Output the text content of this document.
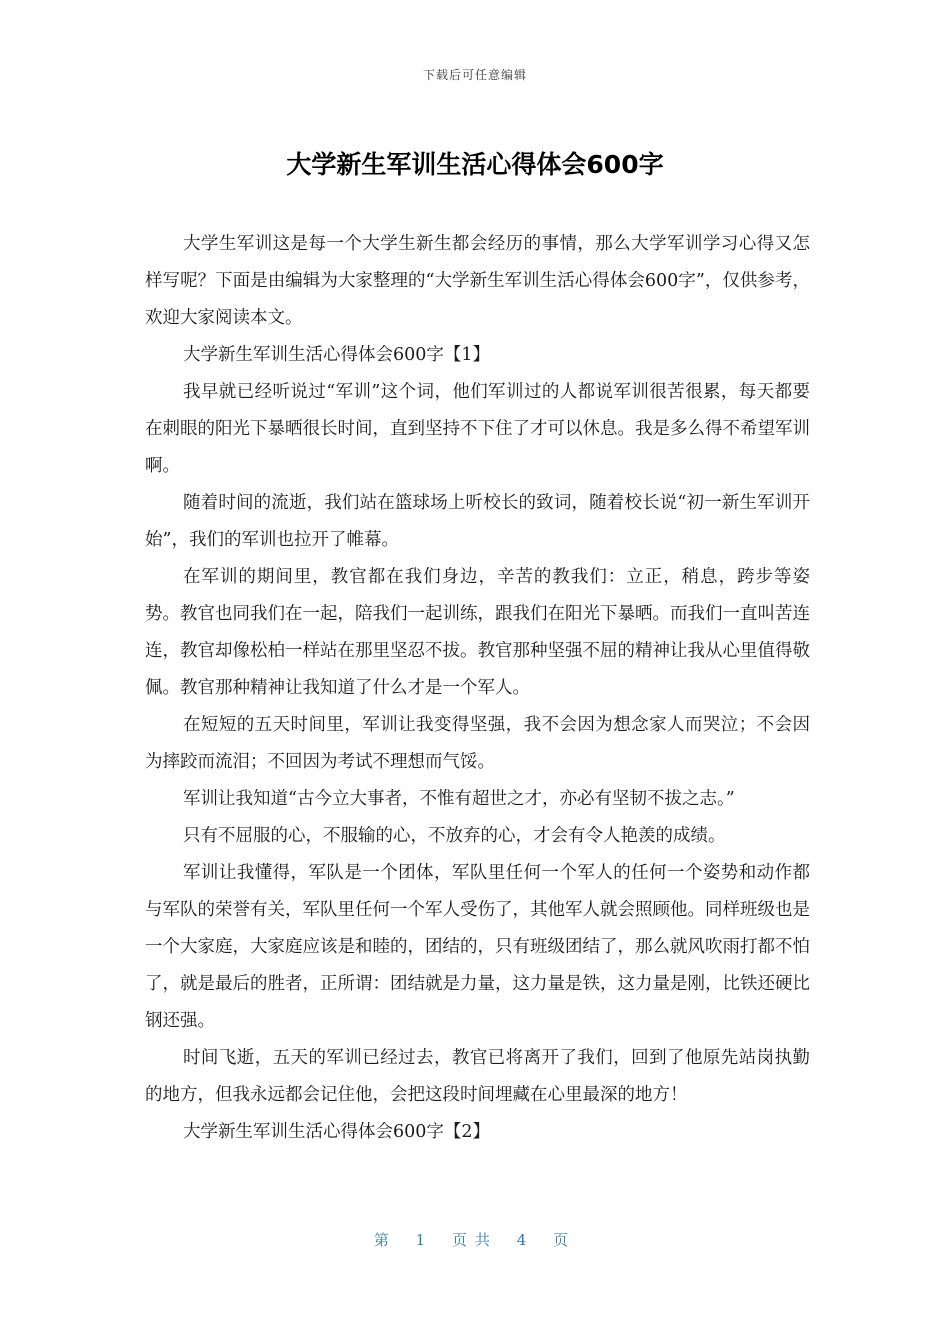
下载后可任意编辑
大学新生军训生活心得体会600字

大学生军训这是每一个大学生新生都会经历的事情，那么大学军训学习心得又怎样写呢？下面是由编辑为大家整理的“大学新生军训生活心得体会600字”，仅供参考，欢迎大家阅读本文。

大学新生军训生活心得体会600字【1】

我早就已经听说过“军训”这个词，他们军训过的人都说军训很苦很累，每天都要在刺眼的阳光下暴晒很长时间，直到坚持不下住了才可以休息。我是多么得不希望军训啊。

随着时间的流逝，我们站在篮球场上听校长的致词，随着校长说“初一新生军训开始”，我们的军训也拉开了帷幕。

在军训的期间里，教官都在我们身边，辛苦的教我们：立正，稍息，跨步等姿势。教官也同我们在一起，陪我们一起训练，跟我们在阳光下暴晒。而我们一直叫苦连连，教官却像松柏一样站在那里坚忍不拔。教官那种坚强不屈的精神让我从心里值得敬佩。教官那种精神让我知道了什么才是一个军人。

在短短的五天时间里，军训让我变得坚强，我不会因为想念家人而哭泣；不会因为摔跤而流泪；不回因为考试不理想而气馁。

军训让我知道“古今立大事者，不惟有超世之才，亦必有坚韧不拔之志。”

只有不屈服的心，不服输的心，不放弃的心，才会有令人艳羡的成绩。

军训让我懂得，军队是一个团体，军队里任何一个军人的任何一个姿势和动作都与军队的荣誉有关，军队里任何一个军人受伤了，其他军人就会照顾他。同样班级也是一个大家庭，大家庭应该是和睦的，团结的，只有班级团结了，那么就风吹雨打都不怕了，就是最后的胜者，正所谓：团结就是力量，这力量是铁，这力量是刚，比铁还硬比钢还强。

时间飞逝，五天的军训已经过去，教官已将离开了我们，回到了他原先站岗执勤的地方，但我永远都会记住他，会把这段时间埋藏在心里最深的地方！

大学新生军训生活心得体会600字【2】

第 1 页共 4 页
